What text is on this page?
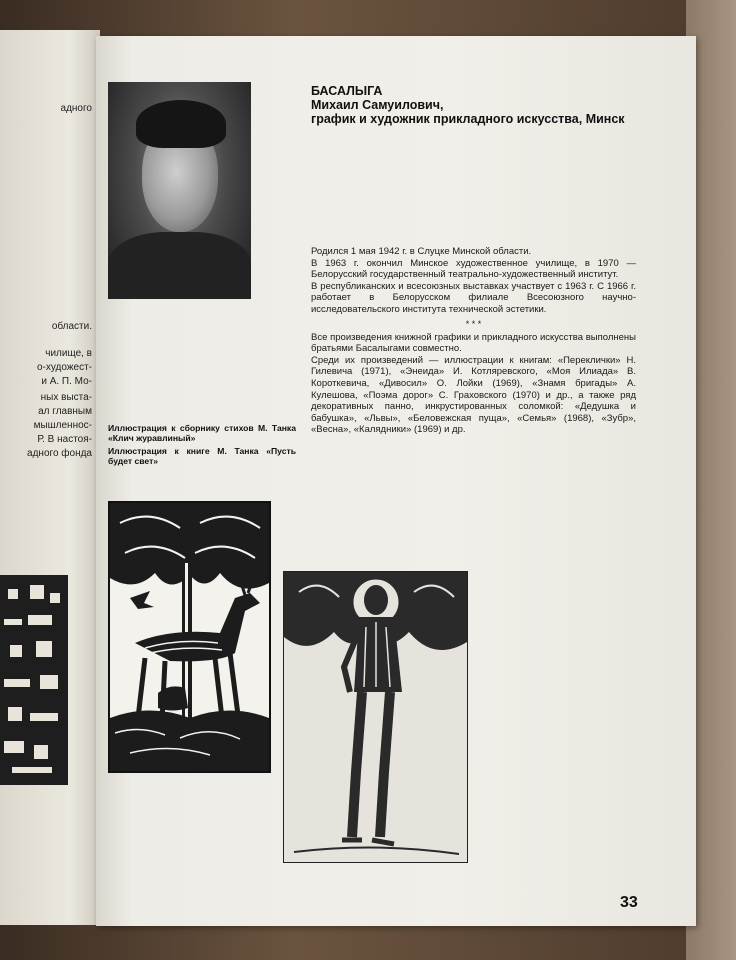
адного
области.
чилище, в
о-художест-
и А. П. Мо-
ных выста-
ал главным
мышленнос-
Р. В настоя-
адного фонда
БАСАЛЫГА
Михаил Самуилович,
график и художник прикладного искусства, Минск

Родился 1 мая 1942 г. в Слуцке Минской области.

В 1963 г. окончил Минское художественное училище, в 1970 — Белорусский государственный театрально-художественный институт.

В республиканских и всесоюзных выставках участвует с 1963 г. С 1966 г. работает в Белорусском филиале Всесоюзного научно-исследовательского института технической эстетики.

* * *

Все произведения книжной графики и прикладного искусства выполнены братьями Басалыгами совместно.

Среди их произведений — иллюстрации к книгам: «Переклички» Н. Гилевича (1971), «Энеида» И. Котляревского, «Моя Илиада» В. Короткевича, «Дивосил» О. Лойки (1969), «Знамя бригады» А. Кулешова, «Поэма дорог» С. Граховского (1970) и др., а также ряд декоративных панно, инкрустированных соломкой: «Дедушка и бабушка», «Львы», «Беловежская пуща», «Семья» (1968), «Зубр», «Весна», «Калядники» (1969) и др.

Иллюстрация к сборнику стихов М. Танка «Клич журавлиный»

Иллюстрация к книге М. Танка «Пусть будет свет»

33
